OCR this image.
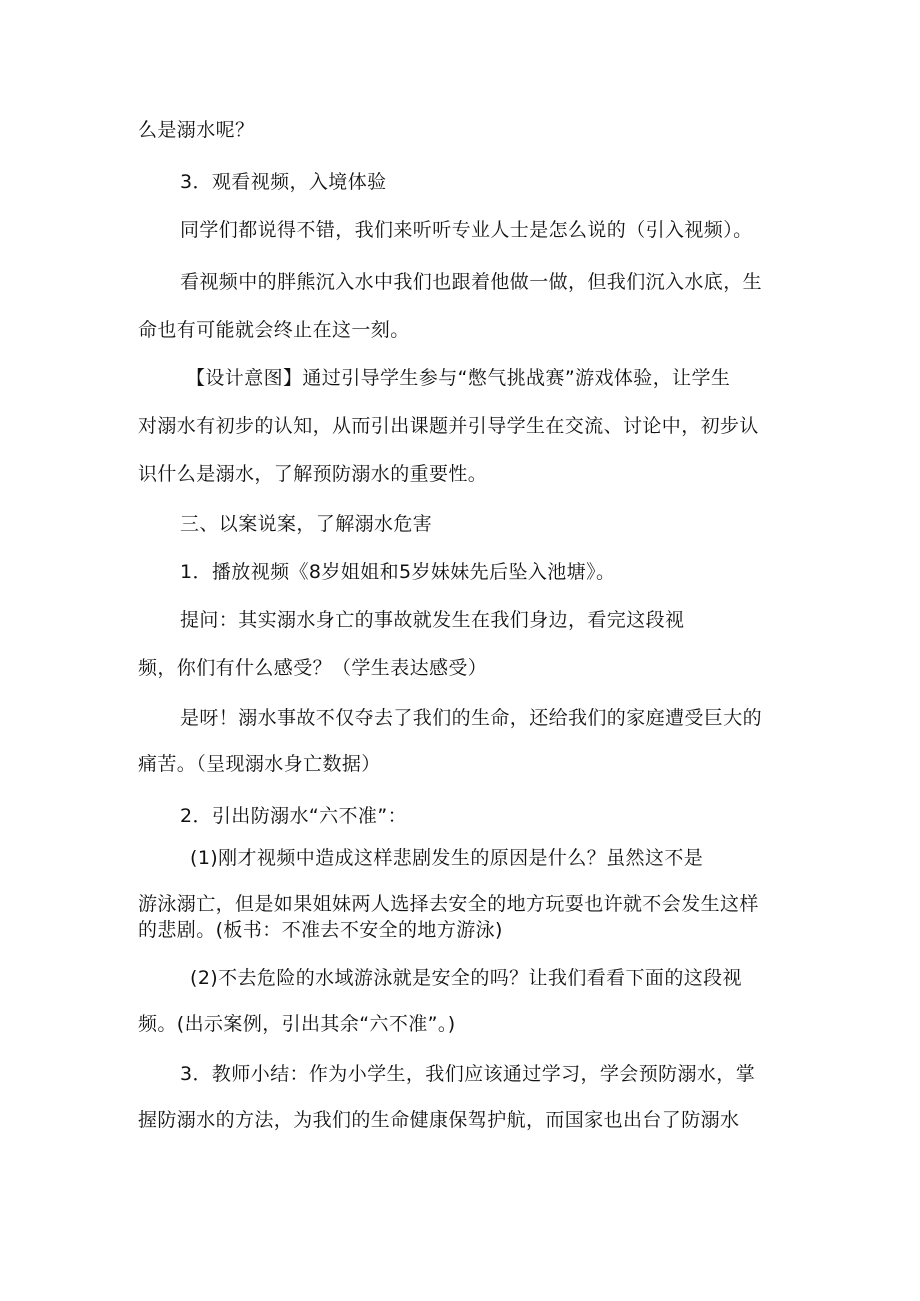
么是溺水呢？
3．观看视频，入境体验
同学们都说得不错，我们来听听专业人士是怎么说的（引入视频）。
看视频中的胖熊沉入水中我们也跟着他做一做，但我们沉入水底，生
命也有可能就会终止在这一刻。
【设计意图】通过引导学生参与“憋气挑战赛”游戏体验，让学生
对溺水有初步的认知，从而引出课题并引导学生在交流、讨论中，初步认
识什么是溺水，了解预防溺水的重要性。
三、以案说案，了解溺水危害
1．播放视频《8岁姐姐和5岁妹妹先后坠入池塘》。
提问：其实溺水身亡的事故就发生在我们身边，看完这段视
频，你们有什么感受？（学生表达感受）
是呀！溺水事故不仅夺去了我们的生命，还给我们的家庭遭受巨大的
痛苦。（呈现溺水身亡数据）
2．引出防溺水“六不准”：
(1)刚才视频中造成这样悲剧发生的原因是什么？虽然这不是
游泳溺亡，但是如果姐妹两人选择去安全的地方玩耍也许就不会发生这样
的悲剧。(板书：不准去不安全的地方游泳)
(2)不去危险的水域游泳就是安全的吗？让我们看看下面的这段视
频。(出示案例，引出其余“六不准”。)
3．教师小结：作为小学生，我们应该通过学习，学会预防溺水，掌
握防溺水的方法，为我们的生命健康保驾护航，而国家也出台了防溺水
